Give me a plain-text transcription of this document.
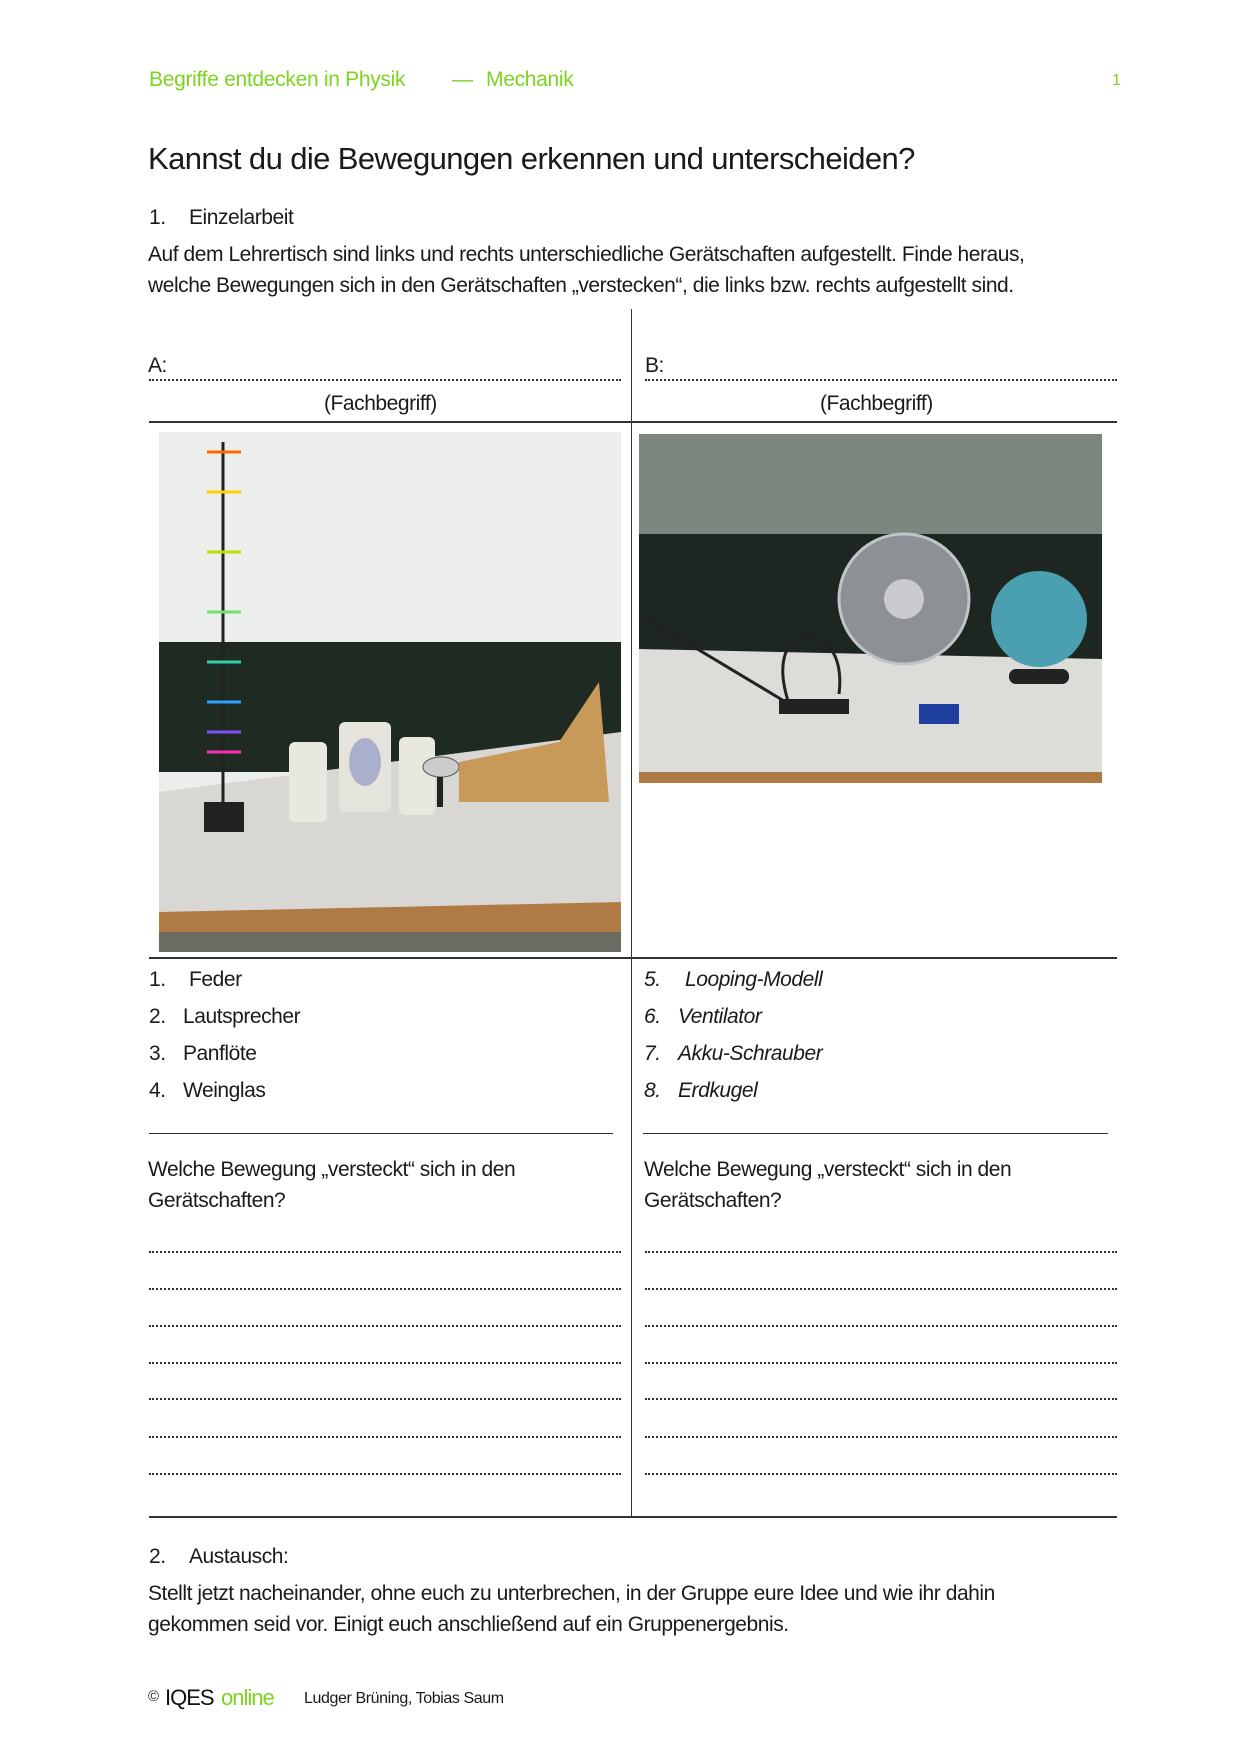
Begriffe entdecken in Physik — Mechanik	1
Kannst du die Bewegungen erkennen und unterscheiden?
1. Einzelarbeit
Auf dem Lehrertisch sind links und rechts unterschiedliche Gerätschaften aufgestellt. Finde heraus,
welche Bewegungen sich in den Gerätschaften „verstecken“, die links bzw. rechts aufgestellt sind.
A:
(Fachbegriff)
B:
(Fachbegriff)
1. Feder
2. Lautsprecher
3. Panflöte
4. Weinglas
5. Looping-Modell
6. Ventilator
7. Akku-Schrauber
8. Erdkugel
Welche Bewegung „versteckt“ sich in den
Gerätschaften?
Welche Bewegung „versteckt“ sich in den
Gerätschaften?
2. Austausch:
Stellt jetzt nacheinander, ohne euch zu unterbrechen, in der Gruppe eure Idee und wie ihr dahin
gekommen seid vor. Einigt euch anschließend auf ein Gruppenergebnis.
© IQES online Ludger Brüning, Tobias Saum
